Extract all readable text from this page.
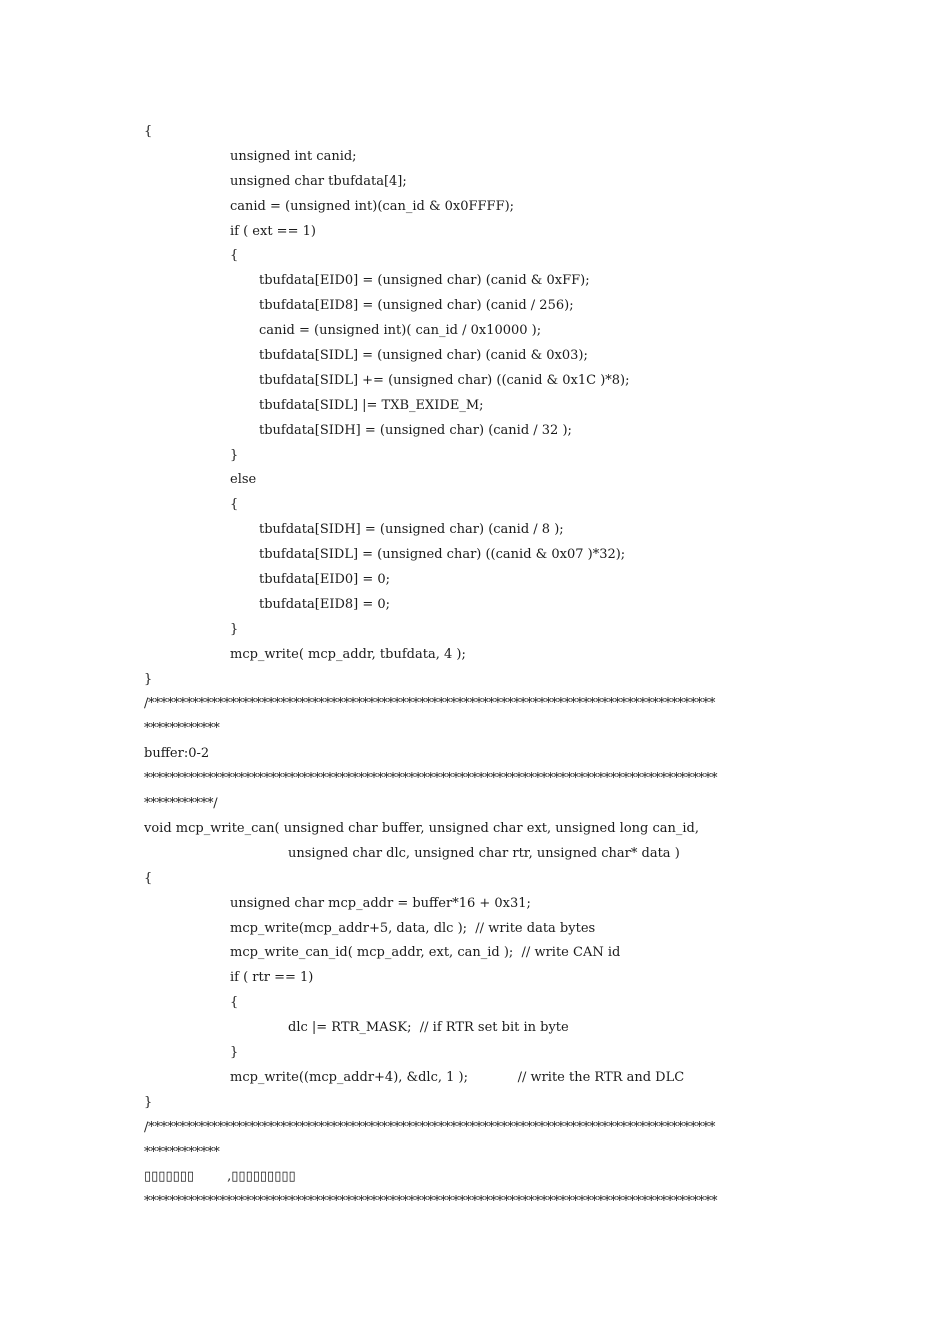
{
unsigned int canid;
unsigned char tbufdata[4];
canid = (unsigned int)(can_id & 0x0FFFF);
if ( ext == 1)
{
tbufdata[EID0] = (unsigned char) (canid & 0xFF);
tbufdata[EID8] = (unsigned char) (canid / 256);
canid = (unsigned int)( can_id / 0x10000 );
tbufdata[SIDL] = (unsigned char) (canid & 0x03);
tbufdata[SIDL] += (unsigned char) ((canid & 0x1C )*8);
tbufdata[SIDL] |= TXB_EXIDE_M;
tbufdata[SIDH] = (unsigned char) (canid / 32 );
}
else
{
tbufdata[SIDH] = (unsigned char) (canid / 8 );
tbufdata[SIDL] = (unsigned char) ((canid & 0x07 )*32);
tbufdata[EID0] = 0;
tbufdata[EID8] = 0;
}
mcp_write( mcp_addr, tbufdata, 4 );
}
/******************************************************************************************
************
buffer:0-2
*******************************************************************************************
***********/
void mcp_write_can( unsigned char buffer, unsigned char ext, unsigned long can_id,
unsigned char dlc, unsigned char rtr, unsigned char* data )
{
unsigned char mcp_addr = buffer*16 + 0x31;
mcp_write(mcp_addr+5, data, dlc );  // write data bytes
mcp_write_can_id( mcp_addr, ext, can_id );  // write CAN id
if ( rtr == 1)
{
dlc |= RTR_MASK;  // if RTR set bit in byte
}
mcp_write((mcp_addr+4), &dlc, 1 );            // write the RTR and DLC
}
/******************************************************************************************
************
▯▯▯▯▯▯▯        ,▯▯▯▯▯▯▯▯▯
*******************************************************************************************
